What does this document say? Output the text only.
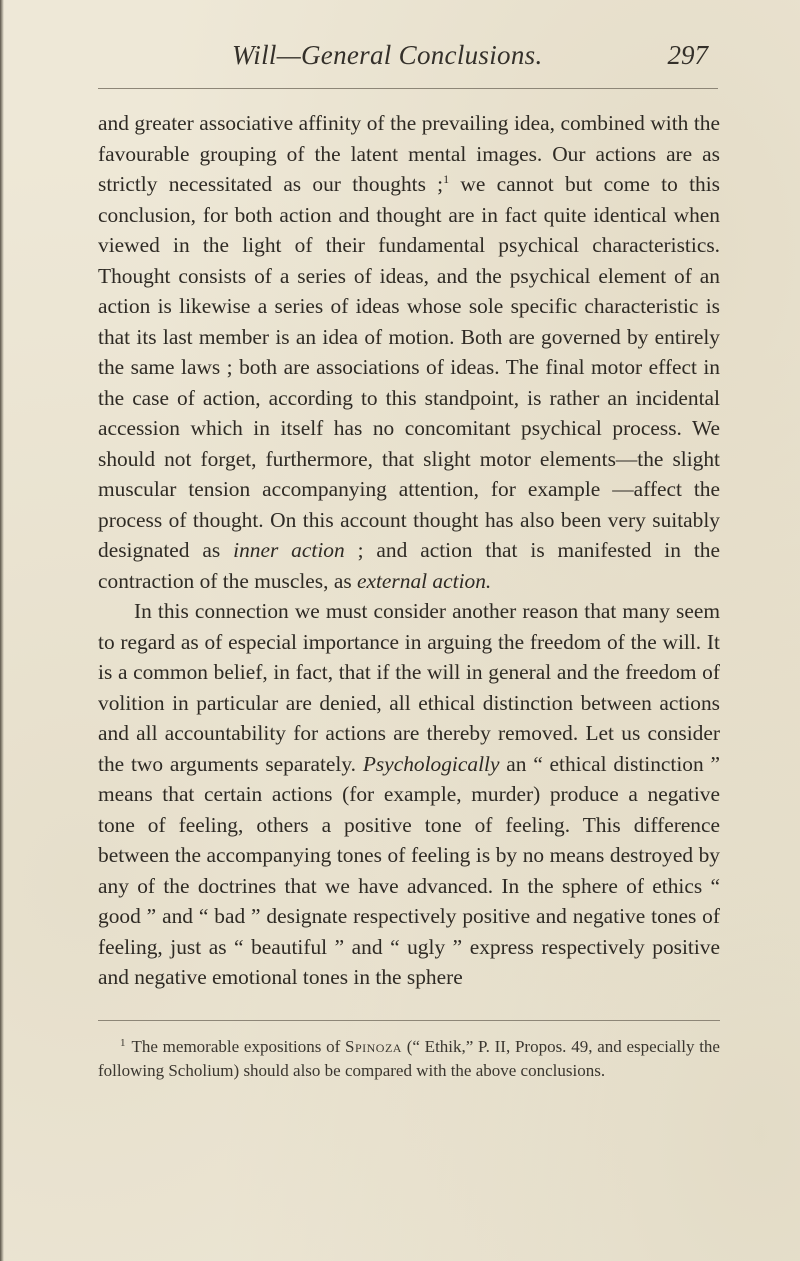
Will—General Conclusions.	297

and greater associative affinity of the prevailing idea, combined with the favourable grouping of the latent mental images. Our actions are as strictly necessitated as our thoughts ;$^1$ we cannot but come to this conclusion, for both action and thought are in fact quite identical when viewed in the light of their fundamental psychical characteristics. Thought consists of a series of ideas, and the psychical element of an action is likewise a series of ideas whose sole specific characteristic is that its last member is an idea of motion. Both are governed by entirely the same laws ; both are associations of ideas. The final motor effect in the case of action, according to this standpoint, is rather an incidental accession which in itself has no concomitant psychical process. We should not forget, furthermore, that slight motor elements—the slight muscular tension accompanying attention, for example —affect the process of thought. On this account thought has also been very suitably designated as inner action ; and action that is manifested in the contraction of the muscles, as external action.

In this connection we must consider another reason that many seem to regard as of especial importance in arguing the freedom of the will. It is a common belief, in fact, that if the will in general and the freedom of volition in particular are denied, all ethical distinction between actions and all accountability for actions are thereby removed. Let us consider the two arguments separately. Psychologically an “ ethical distinction ” means that certain actions (for example, murder) produce a negative tone of feeling, others a positive tone of feeling. This difference between the accompanying tones of feeling is by no means destroyed by any of the doctrines that we have advanced. In the sphere of ethics “ good ” and “ bad ” designate respectively positive and negative tones of feeling, just as “ beautiful ” and “ ugly ” express respectively positive and negative emotional tones in the sphere

$^1$ The memorable expositions of Spinoza (“ Ethik,” P. II, Propos. 49, and especially the following Scholium) should also be compared with the above conclusions.
